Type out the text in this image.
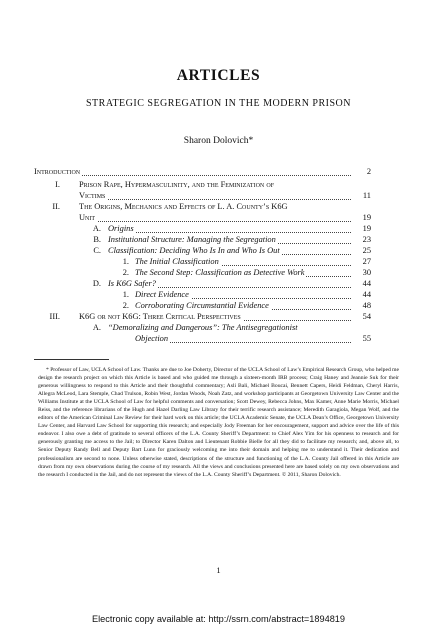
ARTICLES
STRATEGIC SEGREGATION IN THE MODERN PRISON
Sharon Dolovich*
Introduction	2
I. Prison Rape, Hypermasculinity, and the Feminization of
Victims	11
II. The Origins, Mechanics and Effects of L. A. County’s K6G
Unit	19
A. Origins	19
B. Institutional Structure: Managing the Segregation	23
C. Classification: Deciding Who Is In and Who Is Out	25
1. The Initial Classification	27
2. The Second Step: Classification as Detective Work	30
D. Is K6G Safer?	44
1. Direct Evidence	44
2. Corroborating Circumstantial Evidence	48
III. K6G or not K6G: Three Critical Perspectives	54
A. “Demoralizing and Dangerous”: The Antisegregationist
Objection	55
* Professor of Law, UCLA School of Law. Thanks are due to Joe Doherty, Director of the UCLA School of Law’s Empirical Research Group, who helped me design the research project on which this Article is based and who guided me through a sixteen-month IRB process; Craig Haney and Jeannie Suk for their generous willingness to respond to this Article and their thoughtful commentary; Asli Bali, Michael Boucai, Bennett Capers, Heidi Feldman, Cheryl Harris, Allegra McLeod, Lara Stemple, Chad Trulson, Robin West, Jordan Woods, Noah Zatz, and workshop participants at Georgetown University Law Center and the Williams Institute at the UCLA School of Law for helpful comments and conversation; Scott Dewey, Rebecca Johns, Max Kamer, Anne Marie Morris, Michael Reiss, and the reference librarians of the Hugh and Hazel Darling Law Library for their terrific research assistance; Meredith Garagiola, Megan Wolf, and the editors of the American Criminal Law Review for their hard work on this article; the UCLA Academic Senate, the UCLA Dean’s Office, Georgetown University Law Center, and Harvard Law School for supporting this research; and especially Jody Freeman for her encouragement, support and advice over the life of this endeavor. I also owe a debt of gratitude to several officers of the L.A. County Sheriff’s Department: to Chief Alex Yim for his openness to research and for generously granting me access to the Jail; to Director Karen Dalton and Lieutenant Robbie Bielle for all they did to facilitate my research; and, above all, to Senior Deputy Randy Bell and Deputy Bart Lunn for graciously welcoming me into their domain and helping me to understand it. Their dedication and professionalism are second to none. Unless otherwise stated, descriptions of the structure and functioning of the L.A. County Jail offered in this Article are drawn from my own observations during the course of my research. All the views and conclusions presented here are based solely on my own observations and the research I conducted in the Jail, and do not represent the views of the L.A. County Sheriff’s Department. © 2011, Sharon Dolovich.
1
Electronic copy available at: http://ssrn.com/abstract=1894819
